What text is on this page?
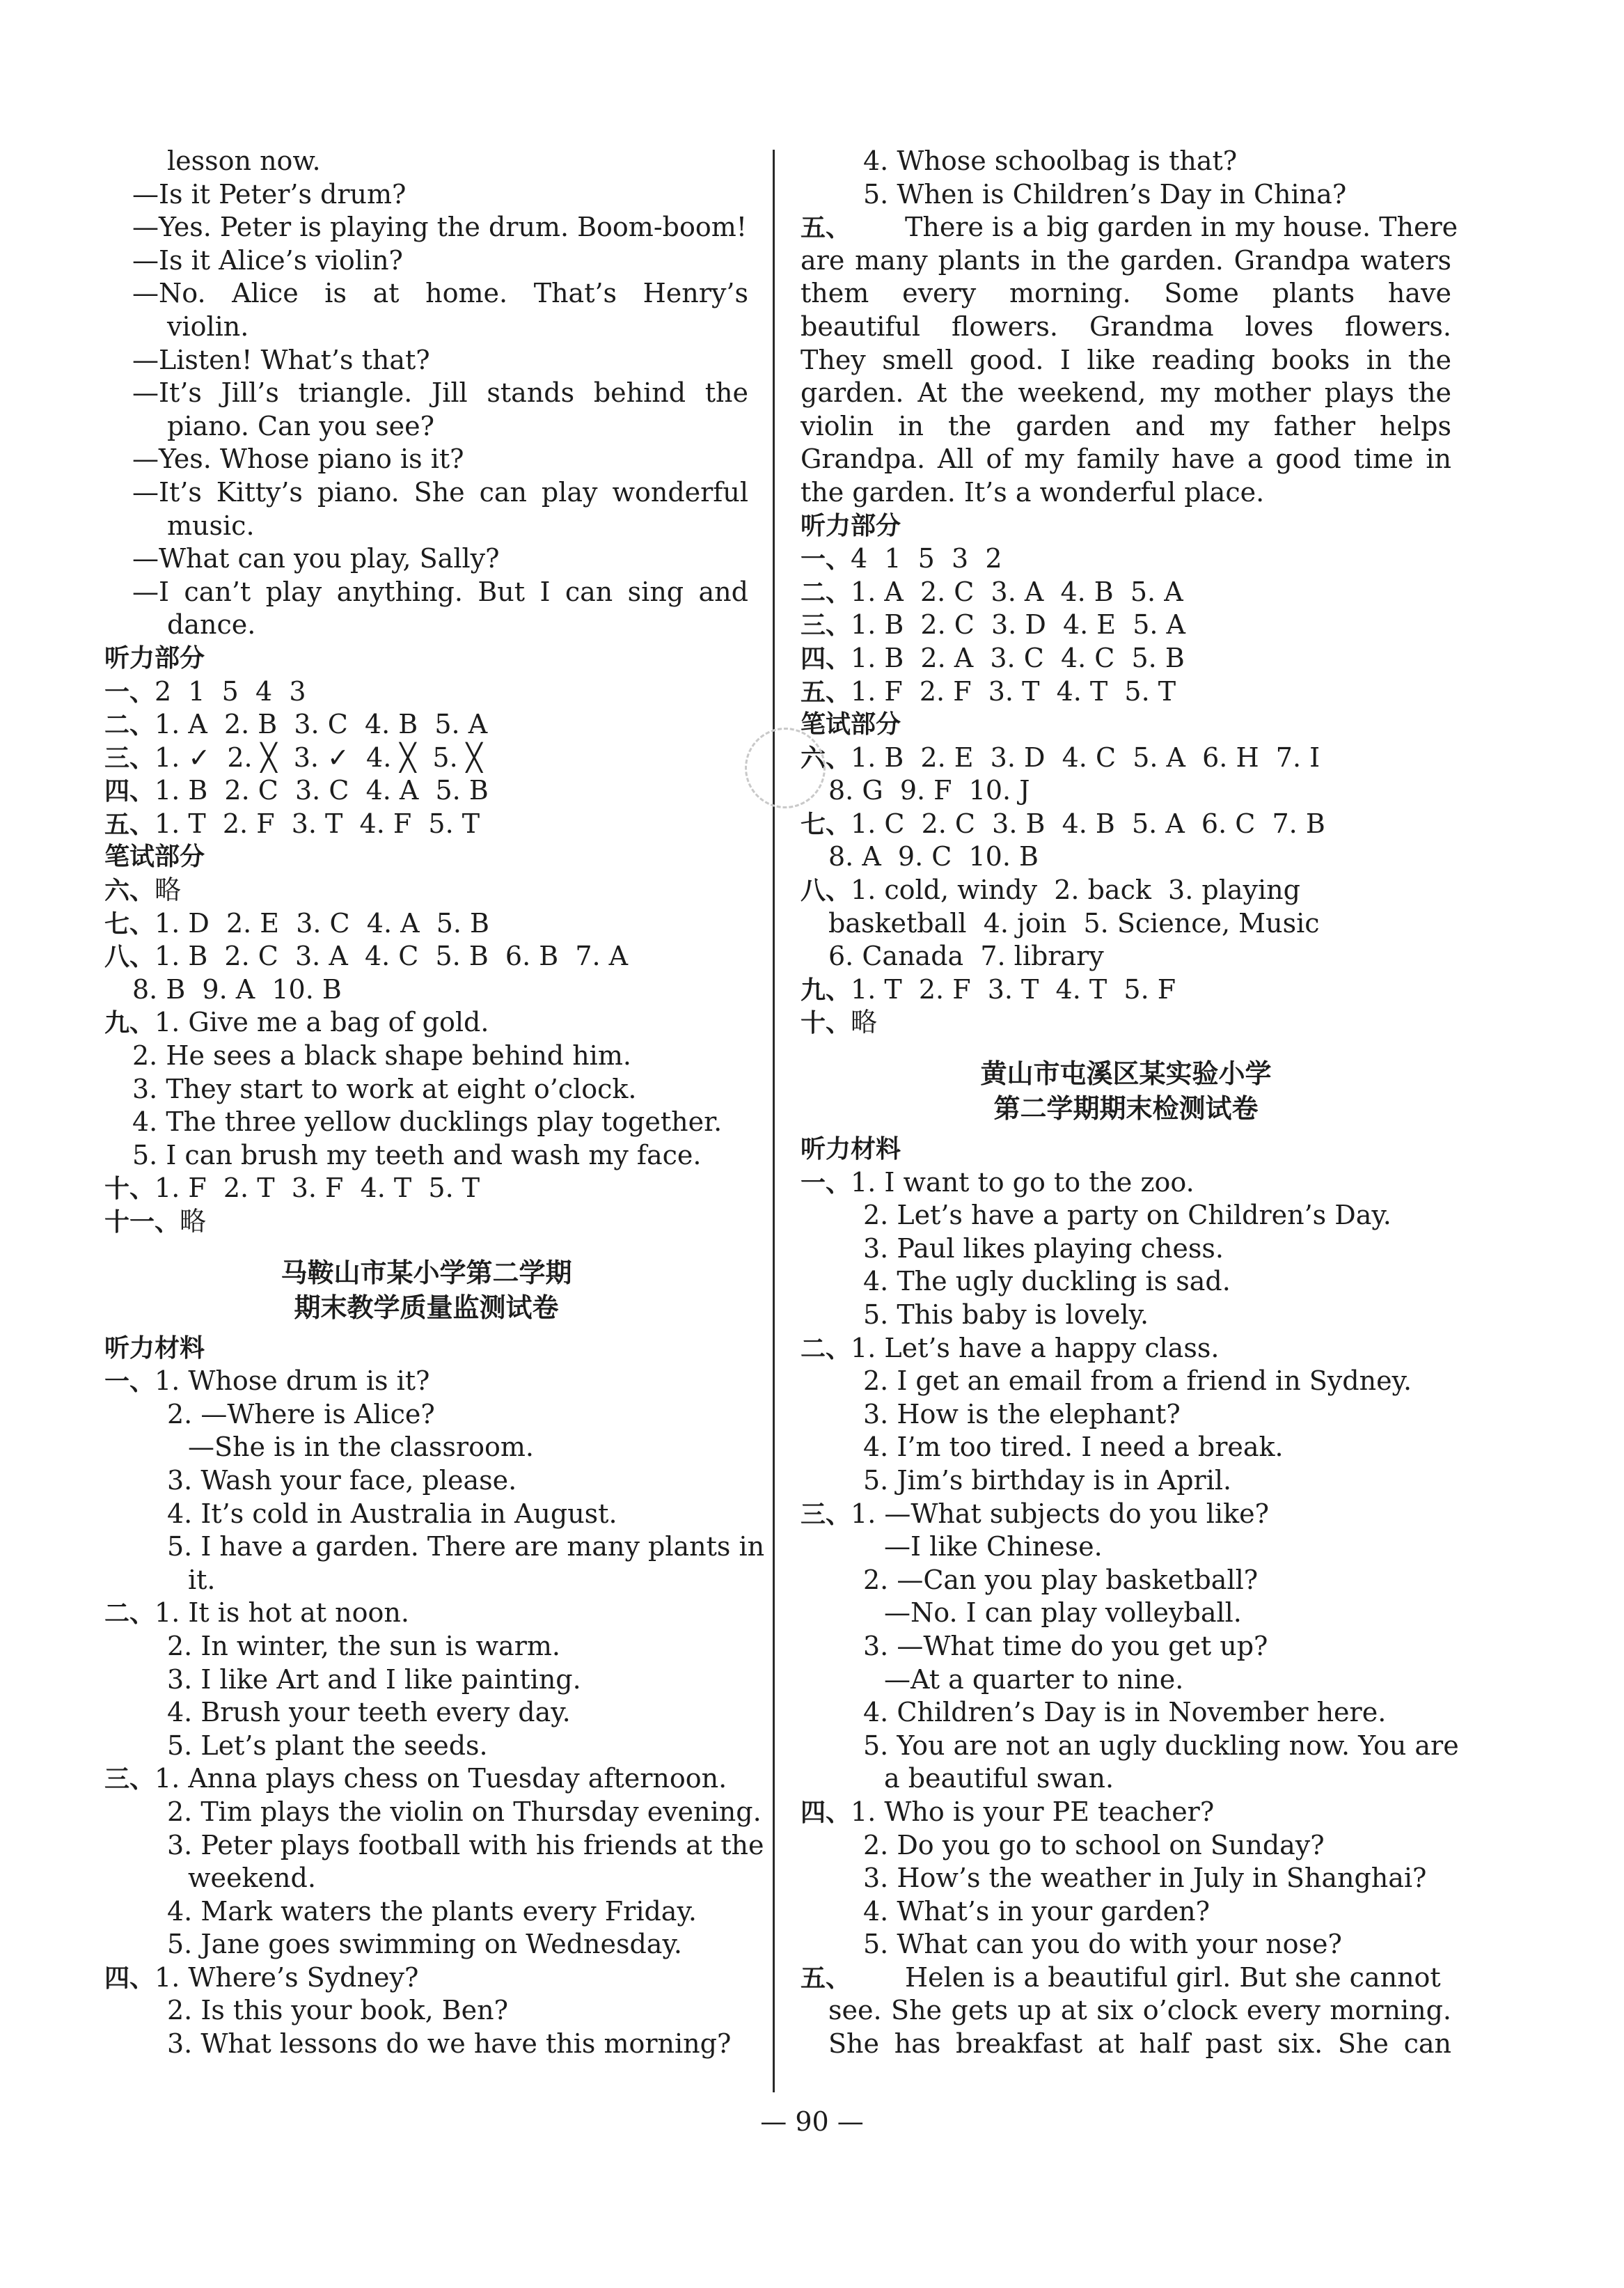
lesson now.
—Is it Peter’s drum?
—Yes. Peter is playing the drum. Boom-boom!
—Is it Alice’s violin?
—No. Alice is at home. That’s Henry’s
violin.
—Listen! What’s that?
—It’s Jill’s triangle. Jill stands behind the
piano. Can you see?
—Yes. Whose piano is it?
—It’s Kitty’s piano. She can play wonderful
music.
—What can you play, Sally?
—I can’t play anything. But I can sing and
dance.
听力部分
一、2  1  5  4  3
二、1. A  2. B  3. C  4. B  5. A
三、1. ✓  2. ╳  3. ✓  4. ╳  5. ╳
四、1. B  2. C  3. C  4. A  5. B
五、1. T  2. F  3. T  4. F  5. T
笔试部分
六、略
七、1. D  2. E  3. C  4. A  5. B
八、1. B  2. C  3. A  4. C  5. B  6. B  7. A
8. B  9. A  10. B
九、1. Give me a bag of gold.
2. He sees a black shape behind him.
3. They start to work at eight o’clock.
4. The three yellow ducklings play together.
5. I can brush my teeth and wash my face.
十、1. F  2. T  3. F  4. T  5. T
十一、略
马鞍山市某小学第二学期
期末教学质量监测试卷
听力材料
一、1. Whose drum is it?
2. —Where is Alice?
—She is in the classroom.
3. Wash your face, please.
4. It’s cold in Australia in August.
5. I have a garden. There are many plants in
it.
二、1. It is hot at noon.
2. In winter, the sun is warm.
3. I like Art and I like painting.
4. Brush your teeth every day.
5. Let’s plant the seeds.
三、1. Anna plays chess on Tuesday afternoon.
2. Tim plays the violin on Thursday evening.
3. Peter plays football with his friends at the
weekend.
4. Mark waters the plants every Friday.
5. Jane goes swimming on Wednesday.
四、1. Where’s Sydney?
2. Is this your book, Ben?
3. What lessons do we have this morning?
4. Whose schoolbag is that?
5. When is Children’s Day in China?
五、 There is a big garden in my house. There
are many plants in the garden. Grandpa waters
them every morning. Some plants have
beautiful flowers. Grandma loves flowers.
They smell good. I like reading books in the
garden. At the weekend, my mother plays the
violin in the garden and my father helps
Grandpa. All of my family have a good time in
the garden. It’s a wonderful place.
听力部分
一、4  1  5  3  2
二、1. A  2. C  3. A  4. B  5. A
三、1. B  2. C  3. D  4. E  5. A
四、1. B  2. A  3. C  4. C  5. B
五、1. F  2. F  3. T  4. T  5. T
笔试部分
六、1. B  2. E  3. D  4. C  5. A  6. H  7. I
8. G  9. F  10. J
七、1. C  2. C  3. B  4. B  5. A  6. C  7. B
8. A  9. C  10. B
八、1. cold, windy  2. back  3. playing
basketball  4. join  5. Science, Music
6. Canada  7. library
九、1. T  2. F  3. T  4. T  5. F
十、略
黄山市屯溪区某实验小学
第二学期期末检测试卷
听力材料
一、1. I want to go to the zoo.
2. Let’s have a party on Children’s Day.
3. Paul likes playing chess.
4. The ugly duckling is sad.
5. This baby is lovely.
二、1. Let’s have a happy class.
2. I get an email from a friend in Sydney.
3. How is the elephant?
4. I’m too tired. I need a break.
5. Jim’s birthday is in April.
三、1. —What subjects do you like?
—I like Chinese.
2. —Can you play basketball?
—No. I can play volleyball.
3. —What time do you get up?
—At a quarter to nine.
4. Children’s Day is in November here.
5. You are not an ugly duckling now. You are
a beautiful swan.
四、1. Who is your PE teacher?
2. Do you go to school on Sunday?
3. How’s the weather in July in Shanghai?
4. What’s in your garden?
5. What can you do with your nose?
五、 Helen is a beautiful girl. But she cannot
see. She gets up at six o’clock every morning.
She has breakfast at half past six. She can
— 90 —
